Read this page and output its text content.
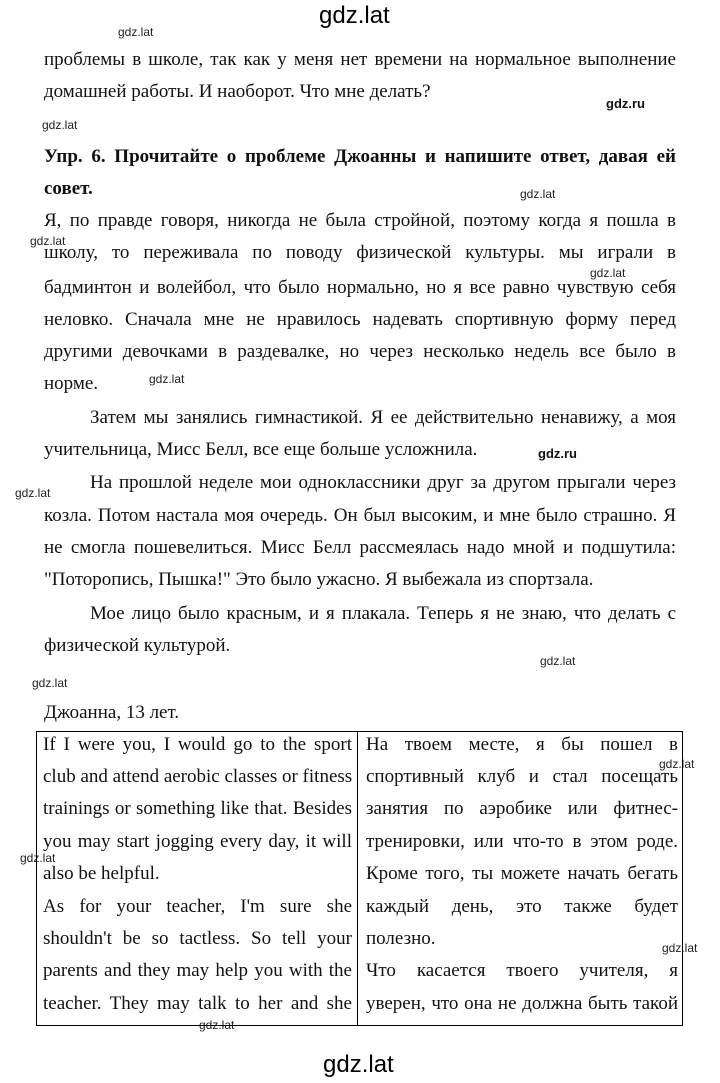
gdz.lat
gdz.lat
gdz.lat
gdz.lat
gdz.lat
gdz.lat
gdz.lat
gdz.lat
gdz.lat
gdz.lat
gdz.lat
gdz.lat
gdz.lat
gdz.lat
gdz.lat
gdz.ru
gdz.ru
проблемы в школе, так как у меня нет времени на нормальное выполнение
домашней работы. И наоборот. Что мне делать?
Упр. 6. Прочитайте о проблеме Джоанны и напишите ответ, давая ей
совет.
Я, по правде говоря, никогда не была стройной, поэтому когда я пошла в
школу, то переживала по поводу физической культуры. мы играли в
бадминтон и волейбол, что было нормально, но я все равно чувствую себя
неловко. Сначала мне не нравилось надевать спортивную форму перед
другими девочками в раздевалке, но через несколько недель все было в
норме.
Затем мы занялись гимнастикой. Я ее действительно ненавижу, а моя
учительница, Мисс Белл, все еще больше усложнила.
На прошлой неделе мои одноклассники друг за другом прыгали через
козла. Потом настала моя очередь. Он был высоким, и мне было страшно. Я
не смогла пошевелиться. Мисс Белл рассмеялась надо мной и подшутила:
"Поторопись, Пышка!" Это было ужасно. Я выбежала из спортзала.
Мое лицо было красным, и я плакала. Теперь я не знаю, что делать с
физической культурой.
Джоанна, 13 лет.
If I were you, I would go to the sport
club and attend aerobic classes or fitness
trainings or something like that. Besides
you may start jogging every day, it will
also be helpful.
As for your teacher, I'm sure she
shouldn't be so tactless. So tell your
parents and they may help you with the
teacher. They may talk to her and she
На твоем месте, я бы пошел в
спортивный клуб и стал посещать
занятия по аэробике или фитнес-
тренировки, или что-то в этом роде.
Кроме того, ты можете начать бегать
каждый день, это также будет
полезно.
Что касается твоего учителя, я
уверен, что она не должна быть такой
